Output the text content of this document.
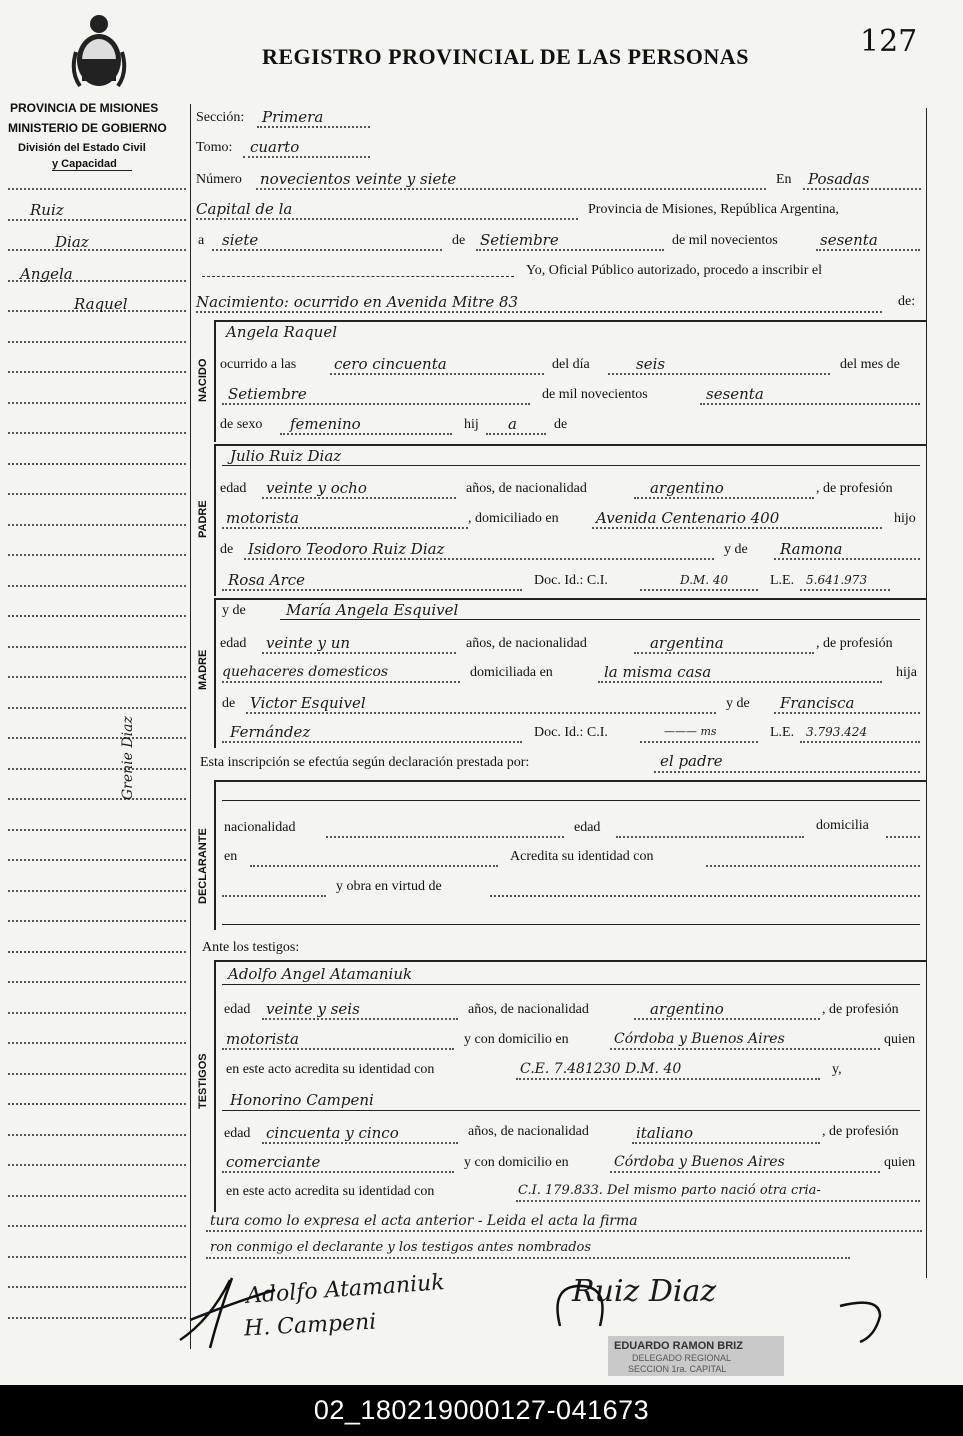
REGISTRO PROVINCIAL DE LAS PERSONAS	127
PROVINCIA DE MISIONES
MINISTERIO DE GOBIERNO
División del Estado Civil
y Capacidad
Ruiz
Diaz
Angela
Raquel
Grenie Diaz
Sección: Primera
Tomo: cuarto
Número novecientos veinte y siete	En Posadas
Capital de la	Provincia de Misiones, República Argentina,
a siete	de Setiembre	de mil novecientos	sesenta
Yo, Oficial Público autorizado, procedo a inscribir el
Nacimiento: ocurrido en Avenida Mitre 83	de:
NACIDO
Angela Raquel
ocurrido a las	cero cincuenta	del día	seis	del mes de
Setiembre	de mil novecientos	sesenta
de sexo femenino	hij a	de
PADRE
Julio Ruiz Diaz
edad veinte y ocho	años, de nacionalidad	argentino	, de profesión
motorista	, domiciliado en Avenida Centenario 400	hijo
de Isidoro Teodoro Ruiz Diaz	y de Ramona
Rosa Arce	Doc. Id.: C.I.	D.M. 40	L.E. 5.641.973
MADRE
y de	María Angela Esquivel
edad veinte y un	años, de nacionalidad	argentina	, de profesión
quehaceres domesticos	domiciliada en	la misma casa	hija
de Victor Esquivel	y de Francisca
Fernández	Doc. Id.: C.I.	——— ms	L.E. 3.793.424
Esta inscripción se efectúa según declaración prestada por:	el padre
DECLARANTE
nacionalidad	edad	domicilia
en	Acredita su identidad con
y obra en virtud de
Ante los testigos:
TESTIGOS
Adolfo Angel Atamaniuk
edad veinte y seis	años, de nacionalidad	argentino	, de profesión
motorista	y con domicilio en	Córdoba y Buenos Aires	quien
en este acto acredita su identidad con	C.E. 7.481230 D.M. 40	y,
Honorino Campeni
edad cincuenta y cinco	años, de nacionalidad	italiano	, de profesión
comerciante	y con domicilio en	Córdoba y Buenos Aires	quien
en este acto acredita su identidad con	C.I. 179.833. Del mismo parto nació otra cria-
tura como lo expresa el acta anterior - Leida el acta la firma
ron conmigo el declarante y los testigos antes nombrados
Adolfo Atamaniuk
H. Campeni
Ruiz Diaz
EDUARDO RAMON BRIZ
DELEGADO REGIONAL
SECCION 1ra. CAPITAL
02_180219000127-041673
